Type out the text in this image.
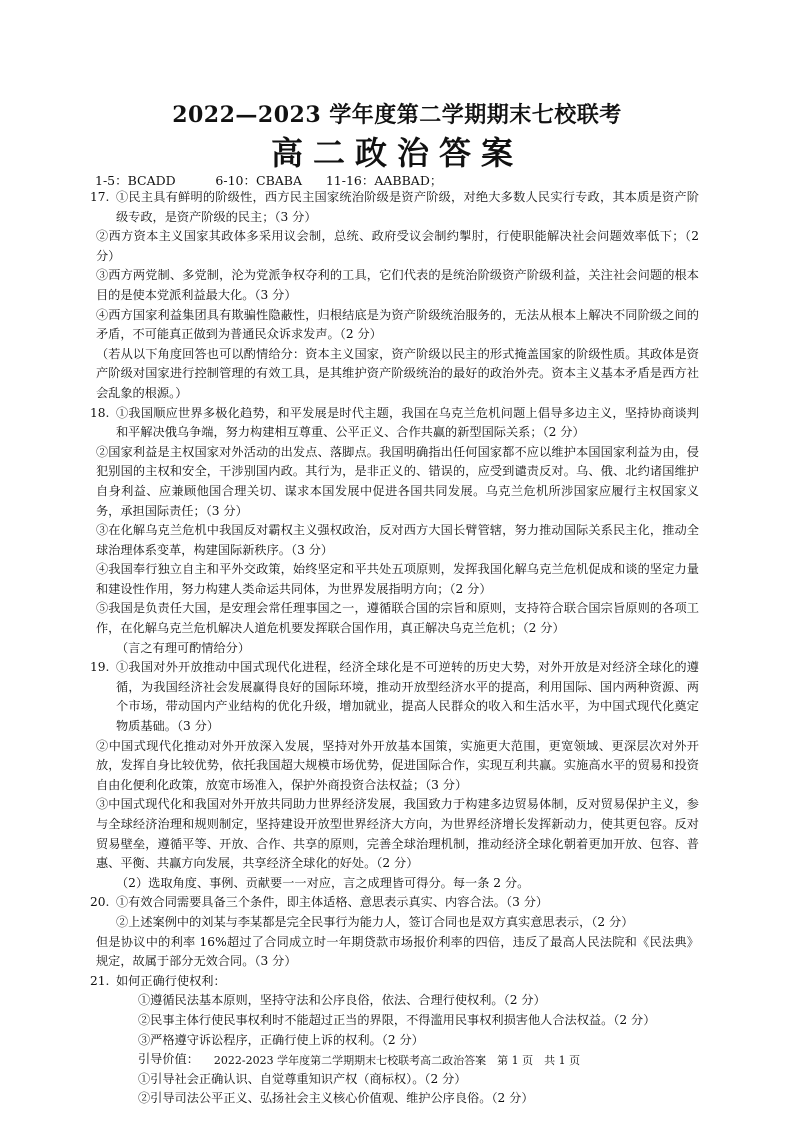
2022—2023 学年度第二学期期末七校联考
高二政治答案
1-5：BCADD	6-10：CBABA 11-16：AABBAD；
17. ①民主具有鲜明的阶级性，西方民主国家统治阶级是资产阶级，对绝大多数人民实行专政，其本质是资产阶级专政，是资产阶级的民主；（3 分）

②西方资本主义国家其政体多采用议会制，总统、政府受议会制约掣肘，行使职能解决社会问题效率低下；（2 分）

③西方两党制、多党制，沦为党派争权夺利的工具，它们代表的是统治阶级资产阶级利益，关注社会问题的根本目的是使本党派利益最大化。（3 分）

④西方国家利益集团具有欺骗性隐蔽性，归根结底是为资产阶级统治服务的，无法从根本上解决不同阶级之间的矛盾，不可能真正做到为普通民众诉求发声。（2 分）

（若从以下角度回答也可以酌情给分：资本主义国家，资产阶级以民主的形式掩盖国家的阶级性质。其政体是资产阶级对国家进行控制管理的有效工具，是其维护资产阶级统治的最好的政治外壳。资本主义基本矛盾是西方社会乱象的根源。）

18. ①我国顺应世界多极化趋势，和平发展是时代主题，我国在乌克兰危机问题上倡导多边主义，坚持协商谈判和平解决俄乌争端，努力构建相互尊重、公平正义、合作共赢的新型国际关系；（2 分）

②国家利益是主权国家对外活动的出发点、落脚点。我国明确指出任何国家都不应以维护本国国家利益为由，侵犯别国的主权和安全，干涉别国内政。其行为，是非正义的、错误的，应受到谴责反对。乌、俄、北约诸国维护自身利益、应兼顾他国合理关切、谋求本国发展中促进各国共同发展。乌克兰危机所涉国家应履行主权国家义务，承担国际责任；（3 分）

③在化解乌克兰危机中我国反对霸权主义强权政治，反对西方大国长臂管辖，努力推动国际关系民主化，推动全球治理体系变革，构建国际新秩序。（3 分）

④我国奉行独立自主和平外交政策，始终坚定和平共处五项原则，发挥我国化解乌克兰危机促成和谈的坚定力量和建设性作用，努力构建人类命运共同体，为世界发展指明方向；（2 分）

⑤我国是负责任大国，是安理会常任理事国之一，遵循联合国的宗旨和原则，支持符合联合国宗旨原则的各项工作，在化解乌克兰危机解决人道危机要发挥联合国作用，真正解决乌克兰危机；（2 分）

（言之有理可酌情给分）

19. ①我国对外开放推动中国式现代化进程，经济全球化是不可逆转的历史大势，对外开放是对经济全球化的遵循，为我国经济社会发展赢得良好的国际环境，推动开放型经济水平的提高，利用国际、国内两种资源、两个市场，带动国内产业结构的优化升级，增加就业，提高人民群众的收入和生活水平，为中国式现代化奠定物质基础。（3 分）

②中国式现代化推动对外开放深入发展，坚持对外开放基本国策，实施更大范围，更宽领域、更深层次对外开放，发挥自身比较优势，依托我国超大规模市场优势，促进国际合作，实现互利共赢。实施高水平的贸易和投资自由化便利化政策，放宽市场准入，保护外商投资合法权益；（3 分）

③中国式现代化和我国对外开放共同助力世界经济发展，我国致力于构建多边贸易体制，反对贸易保护主义，参与全球经济治理和规则制定，坚持建设开放型世界经济大方向，为世界经济增长发挥新动力，使其更包容。反对贸易壁垒，遵循平等、开放、合作、共享的原则，完善全球治理机制，推动经济全球化朝着更加开放、包容、普惠、平衡、共赢方向发展，共享经济全球化的好处。（2 分）

（2）选取角度、事例、贡献要一一对应，言之成理皆可得分。每一条 2 分。

20. ①有效合同需要具备三个条件，即主体适格、意思表示真实、内容合法。（3 分）

②上述案例中的刘某与李某都是完全民事行为能力人，签订合同也是双方真实意思表示，（2 分）

但是协议中的利率 16%超过了合同成立时一年期贷款市场报价利率的四倍，违反了最高人民法院和《民法典》规定，故属于部分无效合同。（3 分）

21. 如何正确行使权利：

①遵循民法基本原则，坚持守法和公序良俗，依法、合理行使权利。（2 分）

②民事主体行使民事权利时不能超过正当的界限，不得滥用民事权利损害他人合法权益。（2 分）

③严格遵守诉讼程序，正确行使上诉的权利。（2 分）

引导价值：

①引导社会正确认识、自觉尊重知识产权（商标权）。（2 分）

②引导司法公平正义、弘扬社会主义核心价值观、维护公序良俗。（2 分）

2022-2023 学年度第二学期期末七校联考高二政治答案　第 1 页　共 1 页
